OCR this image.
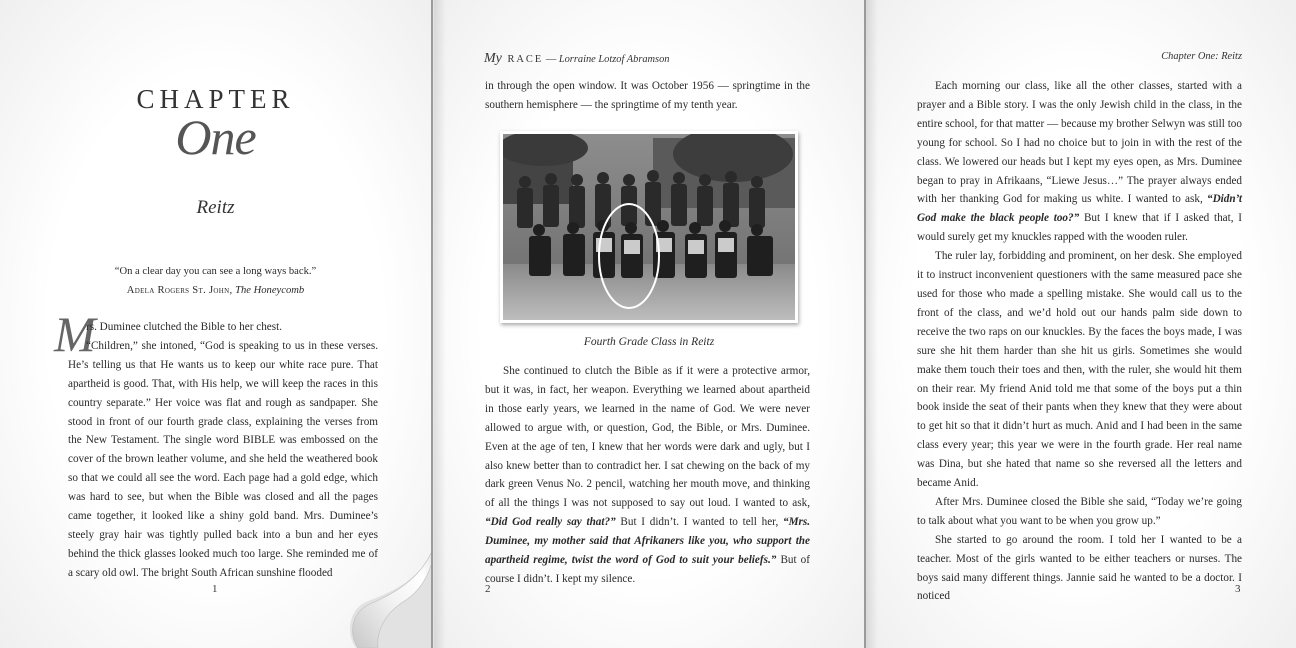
CHAPTER
One
Reitz
“On a clear day you can see a long ways back.”
Adela Rogers St. John, The Honeycomb
M

rs. Duminee clutched the Bible to her chest.

“Children,” she intoned, “God is speaking to us in these verses. He’s telling us that He wants us to keep our white race pure. That apartheid is good. That, with His help, we will keep the races in this country separate.” Her voice was flat and rough as sandpaper. She stood in front of our fourth grade class, explaining the verses from the New Testament. The single word BIBLE was embossed on the cover of the brown leather volume, and she held the weathered book so that we could all see the word. Each page had a gold edge, which was hard to see, but when the Bible was closed and all the pages came together, it looked like a shiny gold band. Mrs. Duminee’s steely gray hair was tightly pulled back into a bun and her eyes behind the thick glasses looked much too large. She reminded me of a scary old owl. The bright South African sunshine flooded

1
My RACE — Lorraine Lotzof Abramson

in through the open window. It was October 1956 — springtime in the southern hemisphere — the springtime of my tenth year.

Fourth Grade Class in Reitz

She continued to clutch the Bible as if it were a protective armor, but it was, in fact, her weapon. Everything we learned about apartheid in those early years, we learned in the name of God. We were never allowed to argue with, or question, God, the Bible, or Mrs. Duminee. Even at the age of ten, I knew that her words were dark and ugly, but I also knew better than to contradict her. I sat chewing on the back of my dark green Venus No. 2 pencil, watching her mouth move, and thinking of all the things I was not supposed to say out loud. I wanted to ask, “Did God really say that?” But I didn’t. I wanted to tell her, “Mrs. Duminee, my mother said that Afrikaners like you, who support the apartheid regime, twist the word of God to suit your beliefs.” But of course I didn’t. I kept my silence.

2
Chapter One: Reitz

Each morning our class, like all the other classes, started with a prayer and a Bible story. I was the only Jewish child in the class, in the entire school, for that matter — because my brother Selwyn was still too young for school. So I had no choice but to join in with the rest of the class. We lowered our heads but I kept my eyes open, as Mrs. Duminee began to pray in Afrikaans, “Liewe Jesus…” The prayer always ended with her thanking God for making us white. I wanted to ask, “Didn’t God make the black people too?” But I knew that if I asked that, I would surely get my knuckles rapped with the wooden ruler.

The ruler lay, forbidding and prominent, on her desk. She employed it to instruct inconvenient questioners with the same measured pace she used for those who made a spelling mistake. She would call us to the front of the class, and we’d hold out our hands palm side down to receive the two raps on our knuckles. By the faces the boys made, I was sure she hit them harder than she hit us girls. Sometimes she would make them touch their toes and then, with the ruler, she would hit them on their rear. My friend Anid told me that some of the boys put a thin book inside the seat of their pants when they knew that they were about to get hit so that it didn’t hurt as much. Anid and I had been in the same class every year; this year we were in the fourth grade. Her real name was Dina, but she hated that name so she reversed all the letters and became Anid.

After Mrs. Duminee closed the Bible she said, “Today we’re going to talk about what you want to be when you grow up.”

She started to go around the room. I told her I wanted to be a teacher. Most of the girls wanted to be either teachers or nurses. The boys said many different things. Jannie said he wanted to be a doctor. I noticed

3
